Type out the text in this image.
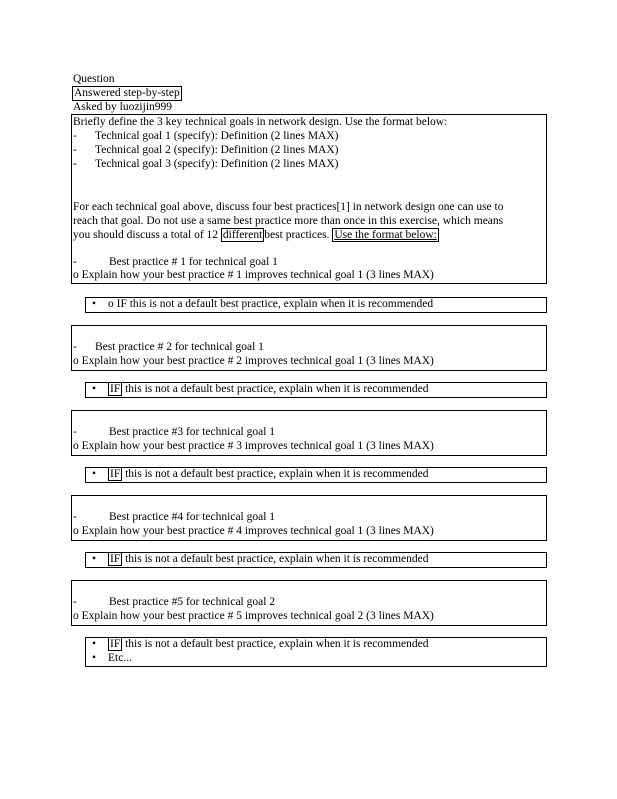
Question
Answered step-by-step
Asked by luozijin999
Briefly define the 3 key technical goals in network design. Use the format below:
- Technical goal 1 (specify): Definition (2 lines MAX)
- Technical goal 2 (specify): Definition (2 lines MAX)
- Technical goal 3 (specify): Definition (2 lines MAX)
For each technical goal above, discuss four best practices[1] in network design one can use to
reach that goal. Do not use a same best practice more than once in this exercise, which means
you should discuss a total of 12 different best practices. Use the format below:
-	Best practice # 1 for technical goal 1
o Explain how your best practice # 1 improves technical goal 1 (3 lines MAX)
• o IF this is not a default best practice, explain when it is recommended
- Best practice # 2 for technical goal 1
o Explain how your best practice # 2 improves technical goal 1 (3 lines MAX)
• IF this is not a default best practice, explain when it is recommended
-	Best practice #3 for technical goal 1
o Explain how your best practice # 3 improves technical goal 1 (3 lines MAX)
• IF this is not a default best practice, explain when it is recommended
-	Best practice #4 for technical goal 1
o Explain how your best practice # 4 improves technical goal 1 (3 lines MAX)
• IF this is not a default best practice, explain when it is recommended
-	Best practice #5 for technical goal 2
o Explain how your best practice # 5 improves technical goal 2 (3 lines MAX)
• IF this is not a default best practice, explain when it is recommended
• Etc...
